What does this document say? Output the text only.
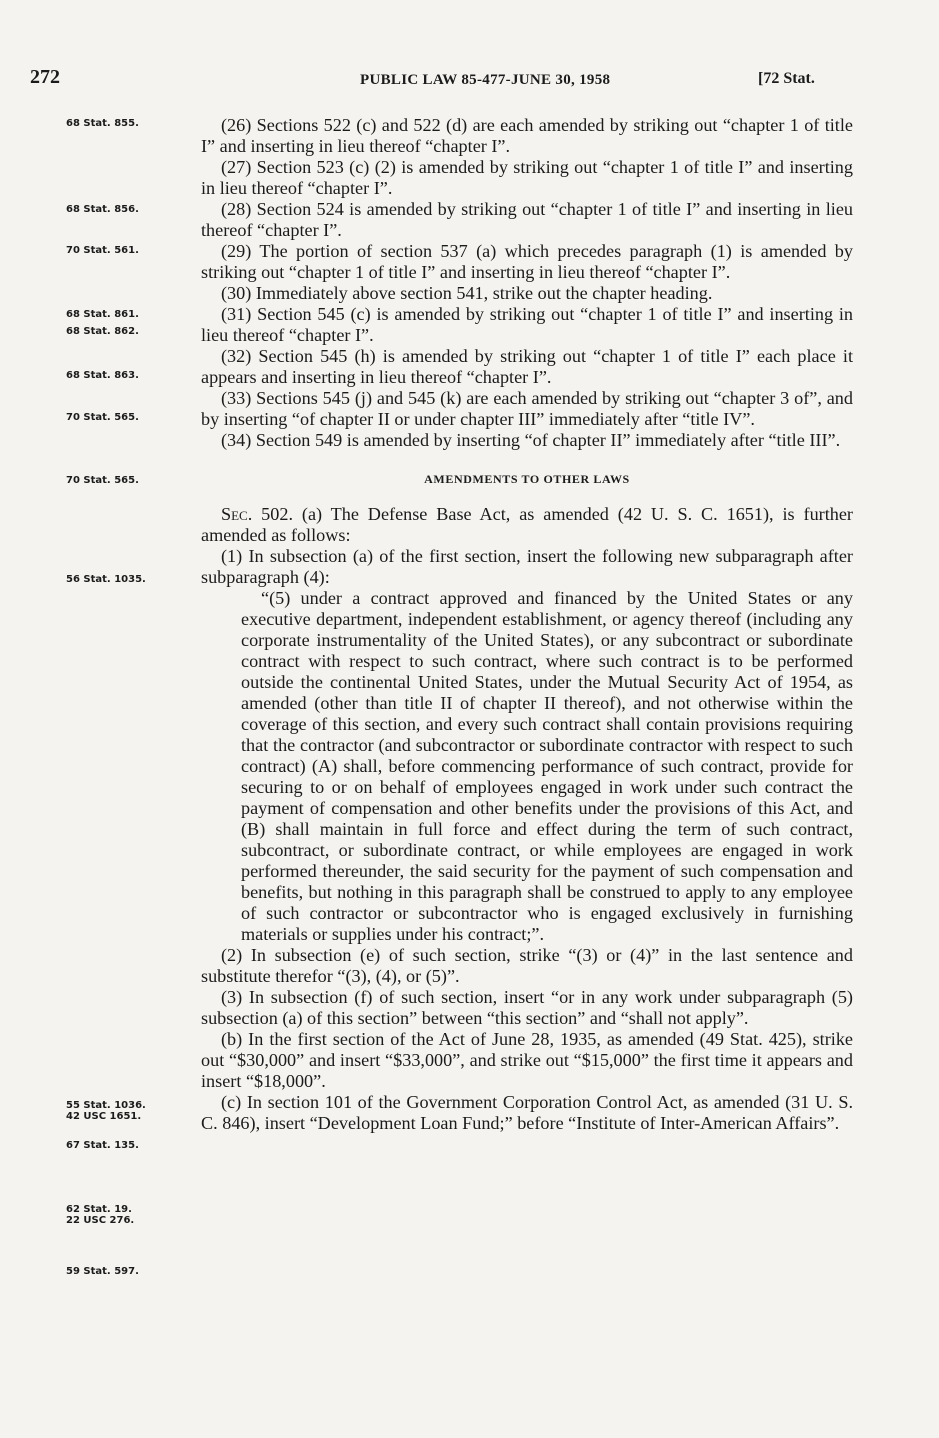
272	PUBLIC LAW 85-477-JUNE 30, 1958	[72 Stat.
68 Stat. 855.
68 Stat. 856.
70 Stat. 561.
68 Stat. 861.
68 Stat. 862.
68 Stat. 863.
70 Stat. 565.
70 Stat. 565.
56 Stat. 1035.
55 Stat. 1036.
42 USC 1651.
67 Stat. 135.
62 Stat. 19.
22 USC 276.
59 Stat. 597.

(26) Sections 522 (c) and 522 (d) are each amended by striking out “chapter 1 of title I” and inserting in lieu thereof “chapter I”.

(27) Section 523 (c) (2) is amended by striking out “chapter 1 of title I” and inserting in lieu thereof “chapter I”.

(28) Section 524 is amended by striking out “chapter 1 of title I” and inserting in lieu thereof “chapter I”.

(29) The portion of section 537 (a) which precedes paragraph (1) is amended by striking out “chapter 1 of title I” and inserting in lieu thereof “chapter I”.

(30) Immediately above section 541, strike out the chapter heading.

(31) Section 545 (c) is amended by striking out “chapter 1 of title I” and inserting in lieu thereof “chapter I”.

(32) Section 545 (h) is amended by striking out “chapter 1 of title I” each place it appears and inserting in lieu thereof “chapter I”.

(33) Sections 545 (j) and 545 (k) are each amended by striking out “chapter 3 of”, and by inserting “of chapter II or under chapter III” immediately after “title IV”.

(34) Section 549 is amended by inserting “of chapter II” immediately after “title III”.

AMENDMENTS TO OTHER LAWS

Sec. 502. (a) The Defense Base Act, as amended (42 U. S. C. 1651), is further amended as follows:

(1) In subsection (a) of the first section, insert the following new subparagraph after subparagraph (4):

“(5) under a contract approved and financed by the United States or any executive department, independent establishment, or agency thereof (including any corporate instrumentality of the United States), or any subcontract or subordinate contract with respect to such contract, where such contract is to be performed outside the continental United States, under the Mutual Security Act of 1954, as amended (other than title II of chapter II thereof), and not otherwise within the coverage of this section, and every such contract shall contain provisions requiring that the contractor (and subcontractor or subordinate contractor with respect to such contract) (A) shall, before commencing performance of such contract, provide for securing to or on behalf of employees engaged in work under such contract the payment of compensation and other benefits under the provisions of this Act, and (B) shall maintain in full force and effect during the term of such contract, subcontract, or subordinate contract, or while employees are engaged in work performed thereunder, the said security for the payment of such compensation and benefits, but nothing in this paragraph shall be construed to apply to any employee of such contractor or subcontractor who is engaged exclusively in furnishing materials or supplies under his contract;”.

(2) In subsection (e) of such section, strike “(3) or (4)” in the last sentence and substitute therefor “(3), (4), or (5)”.

(3) In subsection (f) of such section, insert “or in any work under subparagraph (5) subsection (a) of this section” between “this section” and “shall not apply”.

(b) In the first section of the Act of June 28, 1935, as amended (49 Stat. 425), strike out “$30,000” and insert “$33,000”, and strike out “$15,000” the first time it appears and insert “$18,000”.

(c) In section 101 of the Government Corporation Control Act, as amended (31 U. S. C. 846), insert “Development Loan Fund;” before “Institute of Inter-American Affairs”.
